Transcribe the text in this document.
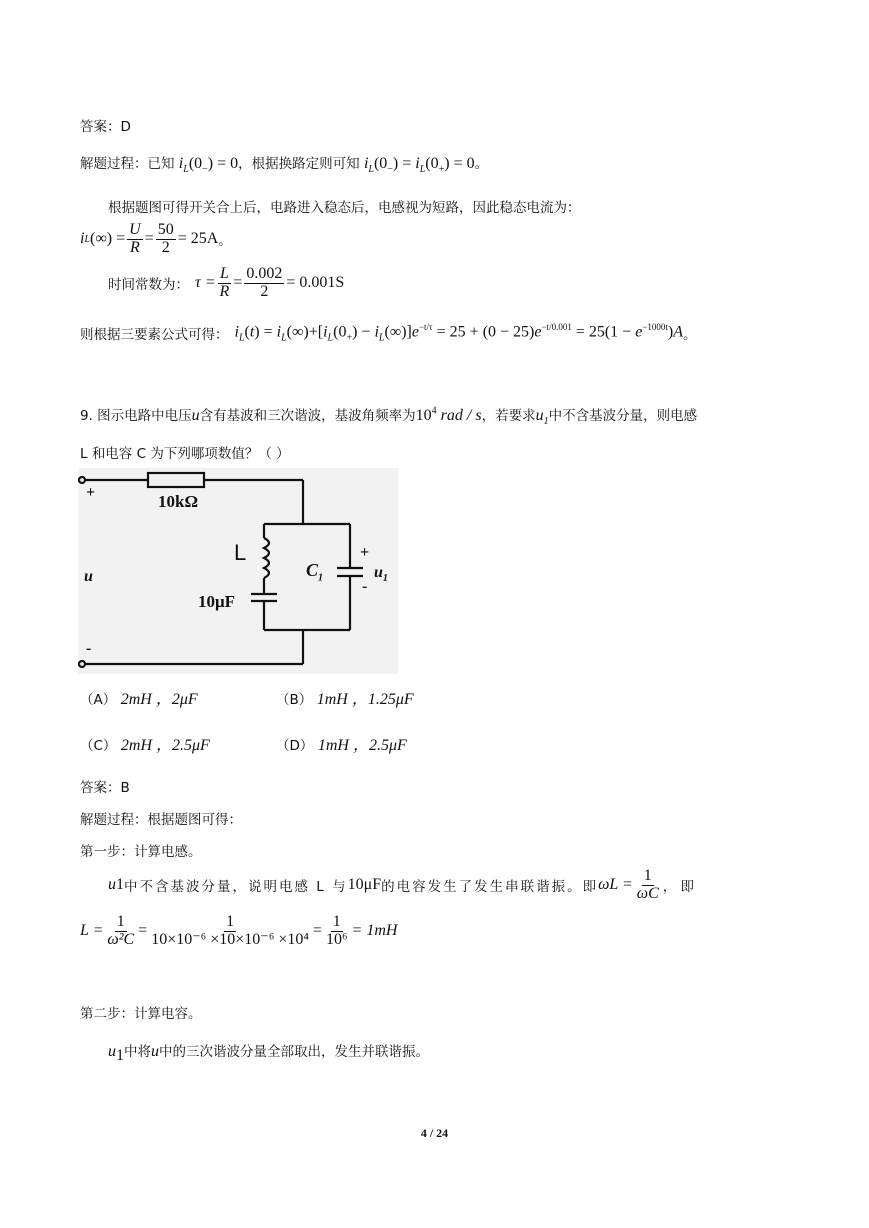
答案：D
解题过程：已知 $i_L(0_-) = 0$，根据换路定则可知 $i_L(0_-) = i_L(0_+) = 0$。
根据题图可得开关合上后，电路进入稳态后，电感视为短路，因此稳态电流为：
i L (∞) = $\frac{U}{R} = \frac{50}{2} = 25A$ 。
时间常数为： $\tau = \frac{L}{R} = \frac{0.002}{2} = 0.001S$
则根据三要素公式可得： $i_L(t) = i_L(\infty)+[i_L(0_+) - i_L(\infty)]e^{-t/\tau} = 25 + (0 - 25)e^{-t/0.001} = 25(1 - e^{-1000t})A$ 。
9. 图示电路中电压u含有基波和三次谐波，基波角频率为$10^4$ rad / s，若要求$u_1$中不含基波分量，则电感
L 和电容 C 为下列哪项数值？（ ）
+	10kΩ
L
10μF
$C_1$
+
-
$u_1$
u
-
（A） 2mH ，2μF	（B） 1mH ，1.25μF
（C） 2mH ，2.5μF	（D） 1mH ，2.5μF
答案：B
解题过程：根据题图可得：
第一步：计算电感。
u 1 中不含基波分量，说明电感 L 与 10μF 的电容发生了发生串联谐振。即 $\omega L = \frac{1}{\omega C}$ ， 即
$L = \frac{1}{\text{ω²C}} = \frac{1}{\text{10×10⁻⁶ ×10×10⁻⁶ ×10⁴}} = \frac{1}{\text{10⁶}} = 1mH$
第二步：计算电容。
$u_1$中将u中的三次谐波分量全部取出，发生并联谐振。
4 / 24
